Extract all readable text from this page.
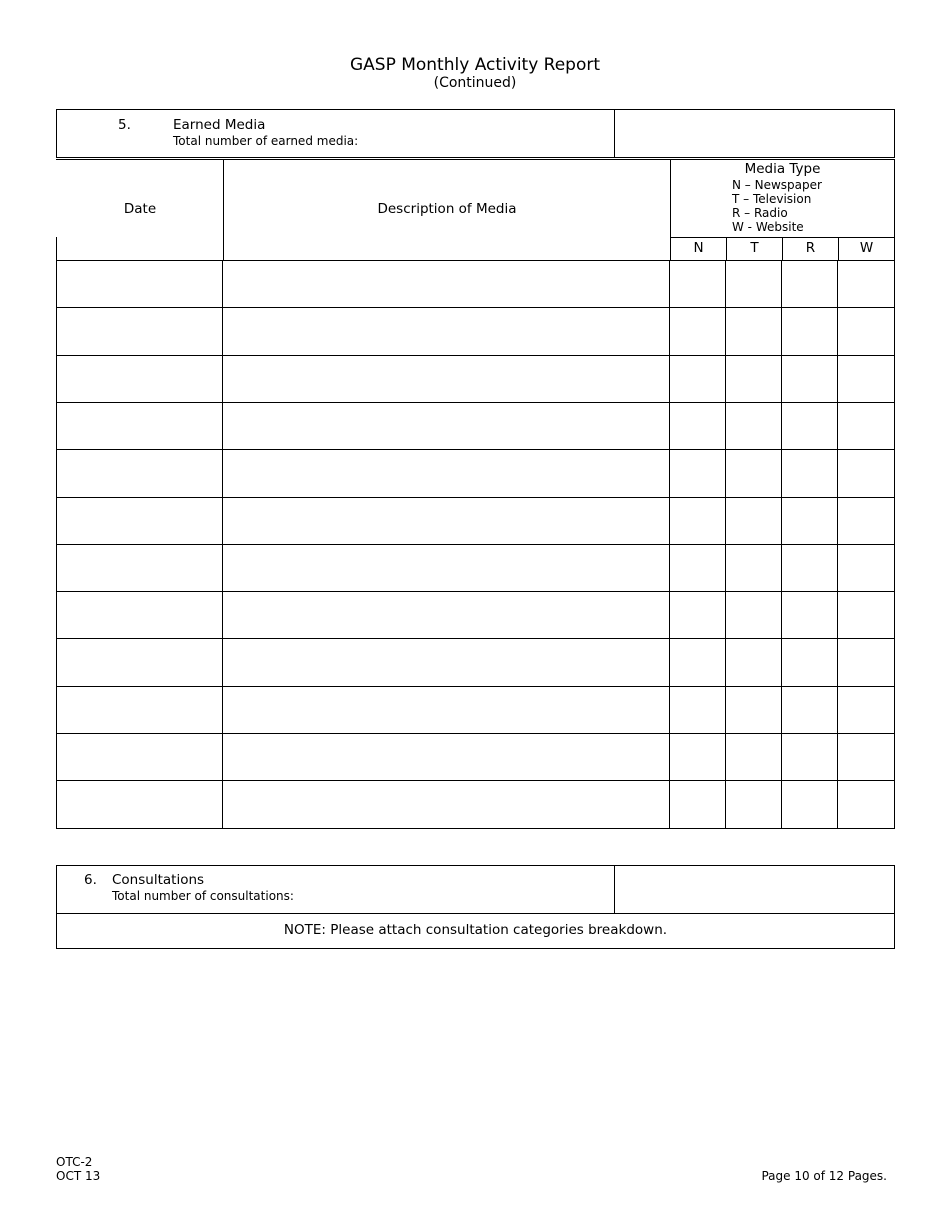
GASP Monthly Activity Report
(Continued)
5.	Earned Media
Total number of earned media:
Date	Description of Media
Media Type
N – Newspaper
T – Television
R – Radio
W - Website
N	T	R	W
6. Consultations
Total number of consultations:
NOTE: Please attach consultation categories breakdown.
OTC-2
OCT 13	Page 10 of 12 Pages.
